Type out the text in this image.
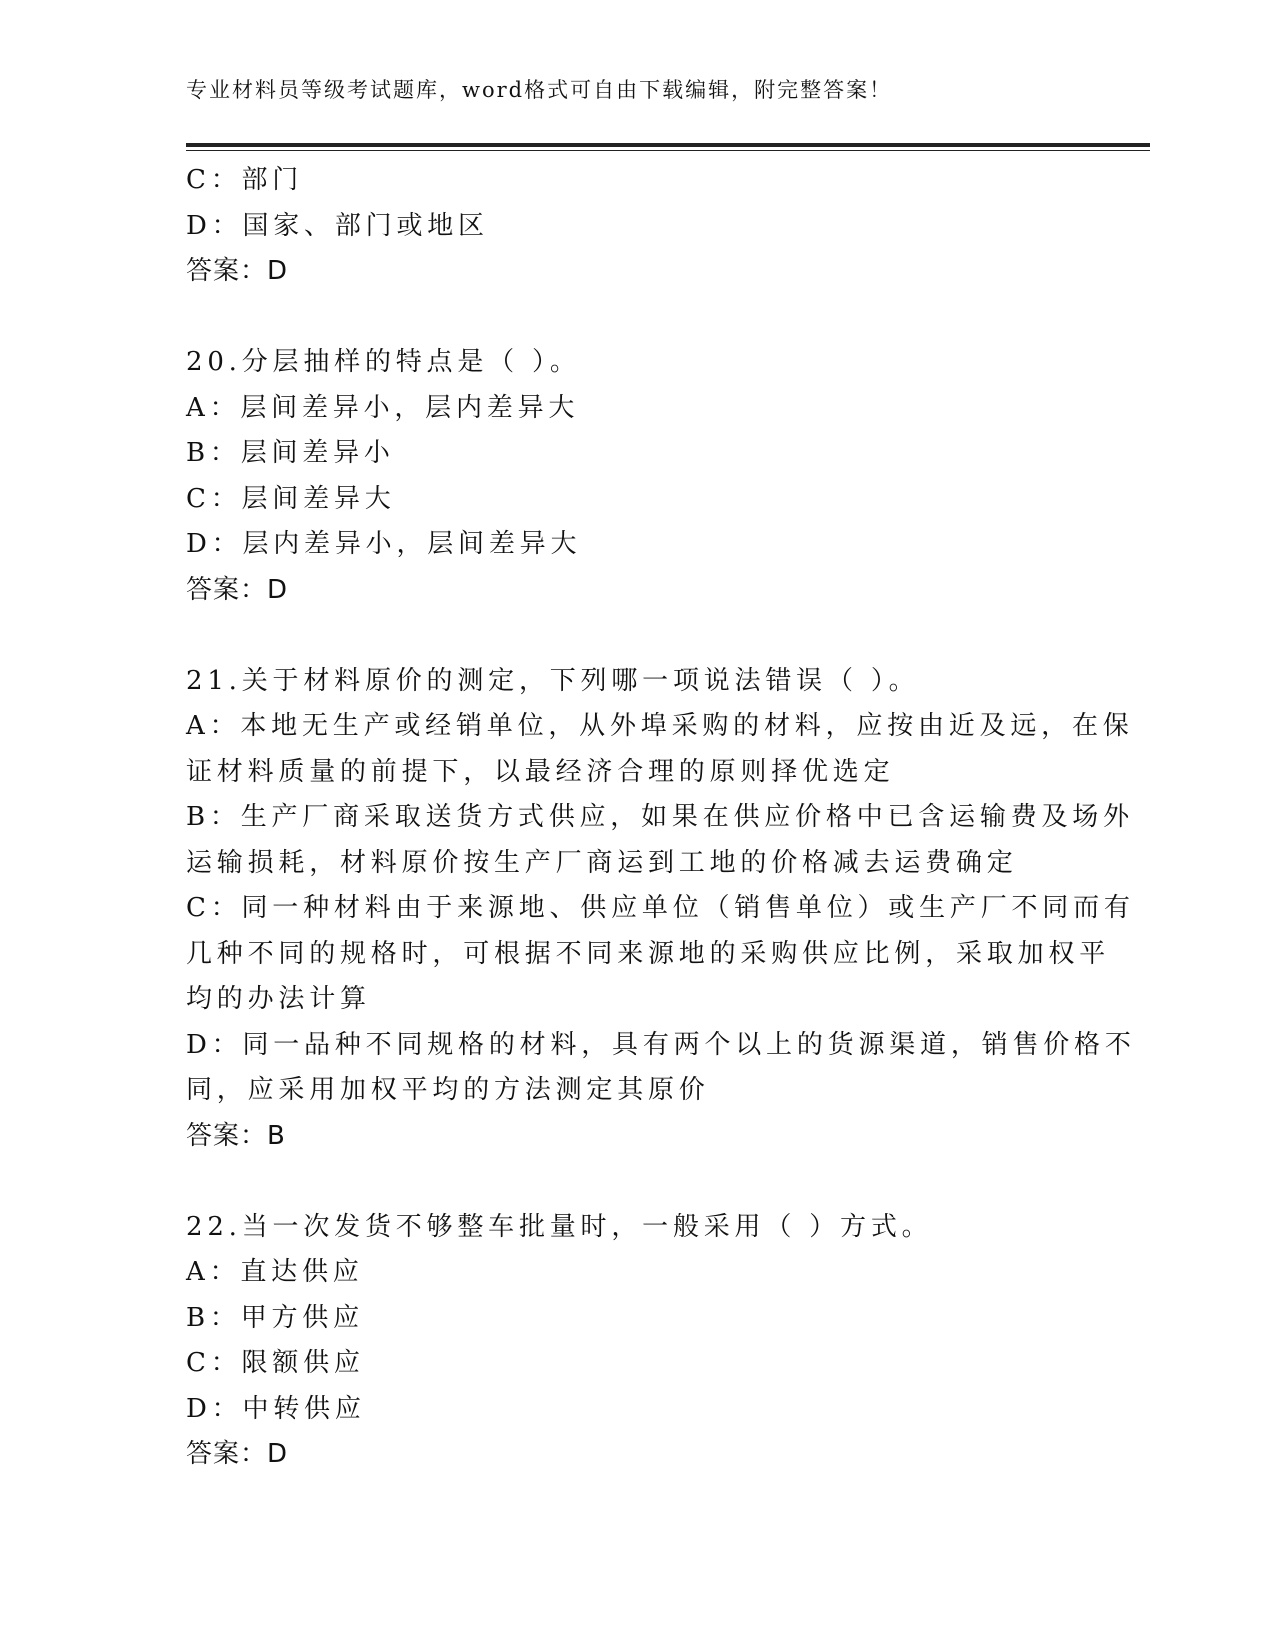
专业材料员等级考试题库，word格式可自由下载编辑，附完整答案！
C：部门
D：国家、部门或地区
答案：D
20.分层抽样的特点是（ ）。
A：层间差异小，层内差异大
B：层间差异小
C：层间差异大
D：层内差异小，层间差异大
答案：D
21.关于材料原价的测定，下列哪一项说法错误（ ）。
A：本地无生产或经销单位，从外埠采购的材料，应按由近及远，在保
证材料质量的前提下，以最经济合理的原则择优选定
B：生产厂商采取送货方式供应，如果在供应价格中已含运输费及场外
运输损耗，材料原价按生产厂商运到工地的价格减去运费确定
C：同一种材料由于来源地、供应单位（销售单位）或生产厂不同而有
几种不同的规格时，可根据不同来源地的采购供应比例，采取加权平
均的办法计算
D：同一品种不同规格的材料，具有两个以上的货源渠道，销售价格不
同，应采用加权平均的方法测定其原价
答案：B
22.当一次发货不够整车批量时，一般采用（ ）方式。
A：直达供应
B：甲方供应
C：限额供应
D：中转供应
答案：D
